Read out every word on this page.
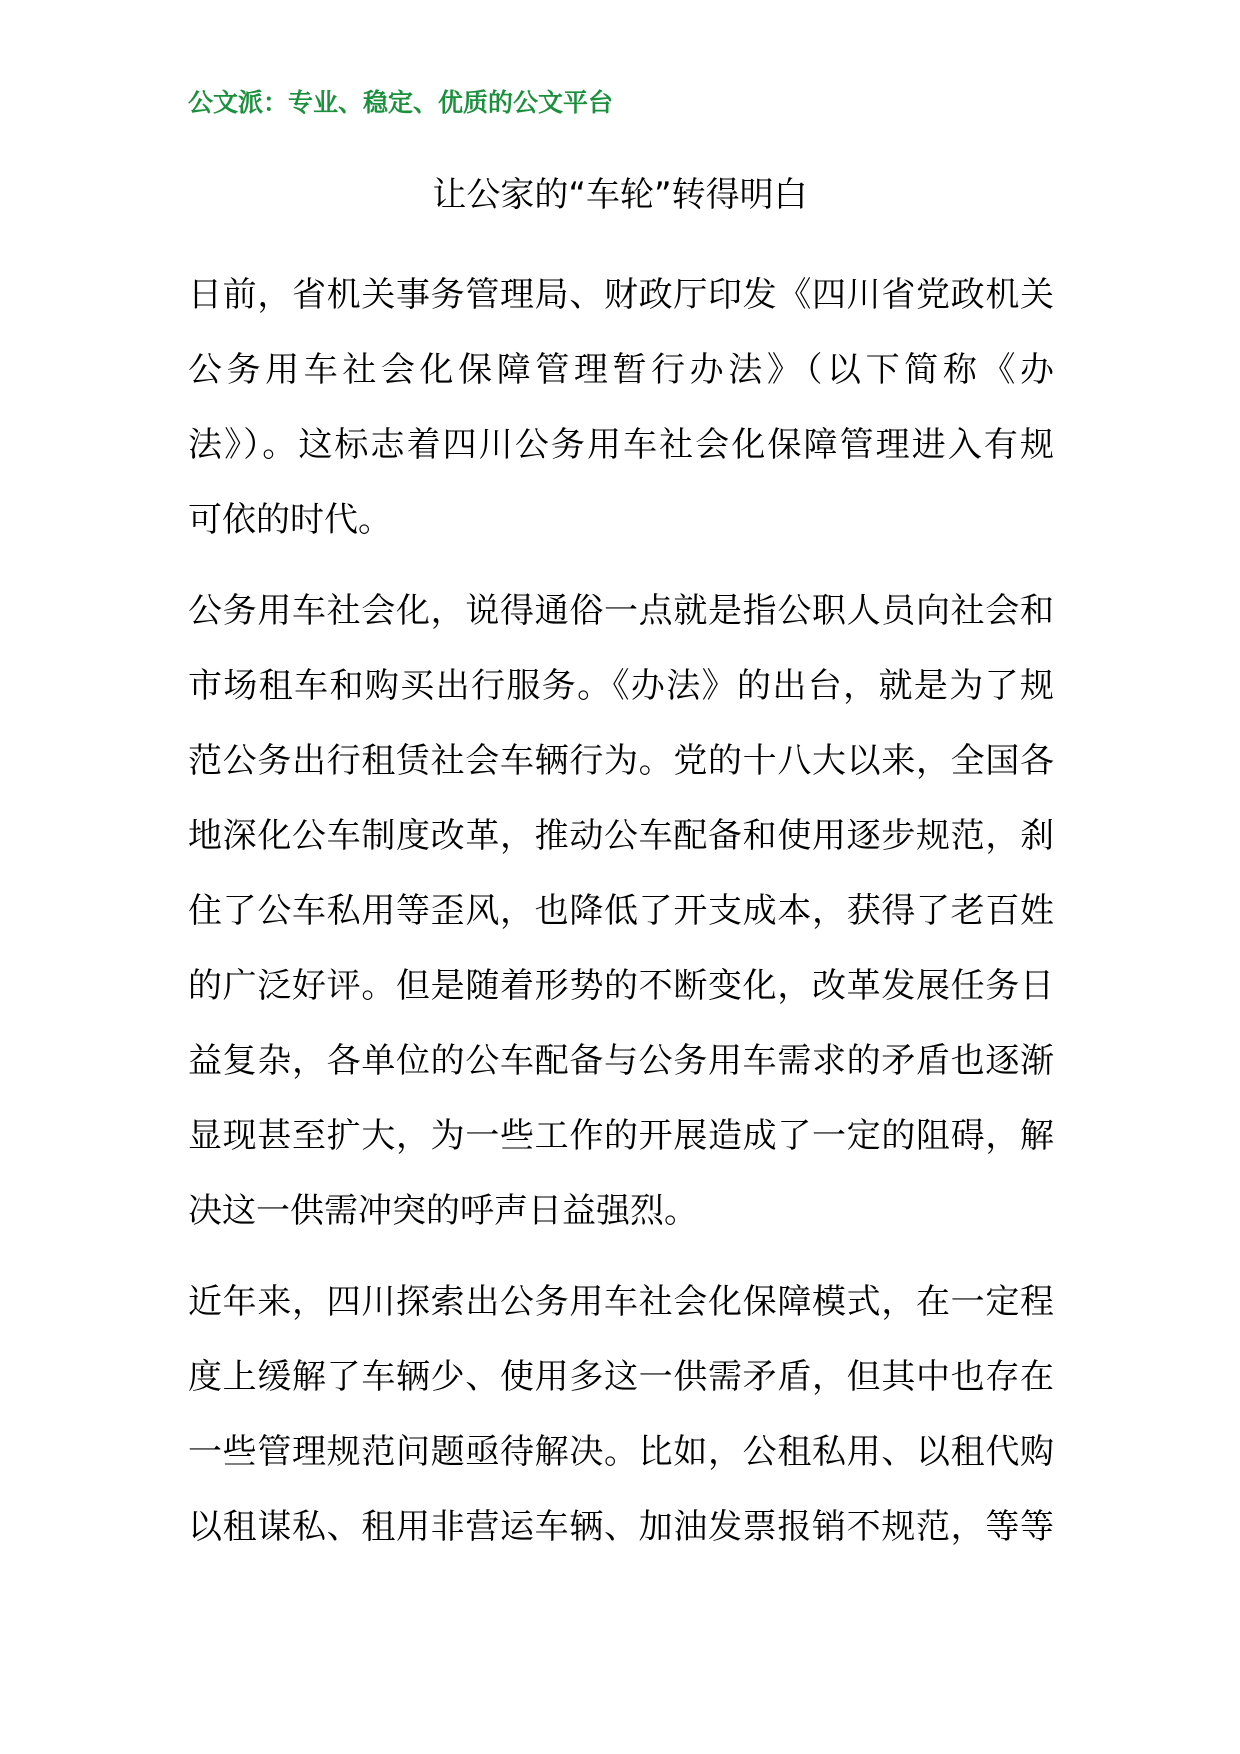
公文派：专业、稳定、优质的公文平台
让公家的“车轮”转得明白
日前，省机关事务管理局、财政厅印发《四川省党政机关
公务用车社会化保障管理暂行办法》（以下简称《办
法》）。这标志着四川公务用车社会化保障管理进入有规
可依的时代。
公务用车社会化，说得通俗一点就是指公职人员向社会和
市场租车和购买出行服务。《办法》的出台，就是为了规
范公务出行租赁社会车辆行为。党的十八大以来，全国各
地深化公车制度改革，推动公车配备和使用逐步规范，刹
住了公车私用等歪风，也降低了开支成本，获得了老百姓
的广泛好评。但是随着形势的不断变化，改革发展任务日
益复杂，各单位的公车配备与公务用车需求的矛盾也逐渐
显现甚至扩大，为一些工作的开展造成了一定的阻碍，解
决这一供需冲突的呼声日益强烈。
近年来，四川探索出公务用车社会化保障模式，在一定程
度上缓解了车辆少、使用多这一供需矛盾，但其中也存在
一些管理规范问题亟待解决。比如，公租私用、以租代购
以租谋私、租用非营运车辆、加油发票报销不规范，等等
